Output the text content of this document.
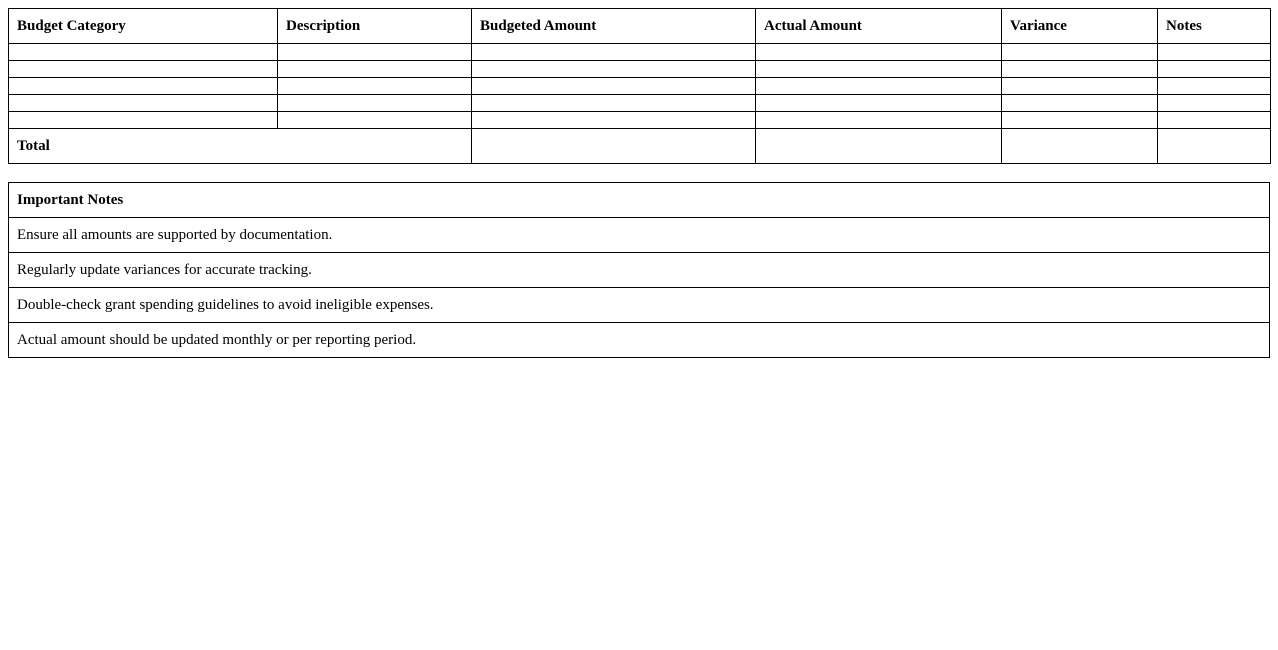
Budget Category	Description	Budgeted Amount	Actual Amount	Variance	Notes

Total					
Important Notes
Ensure all amounts are supported by documentation.
Regularly update variances for accurate tracking.
Double-check grant spending guidelines to avoid ineligible expenses.
Actual amount should be updated monthly or per reporting period.
